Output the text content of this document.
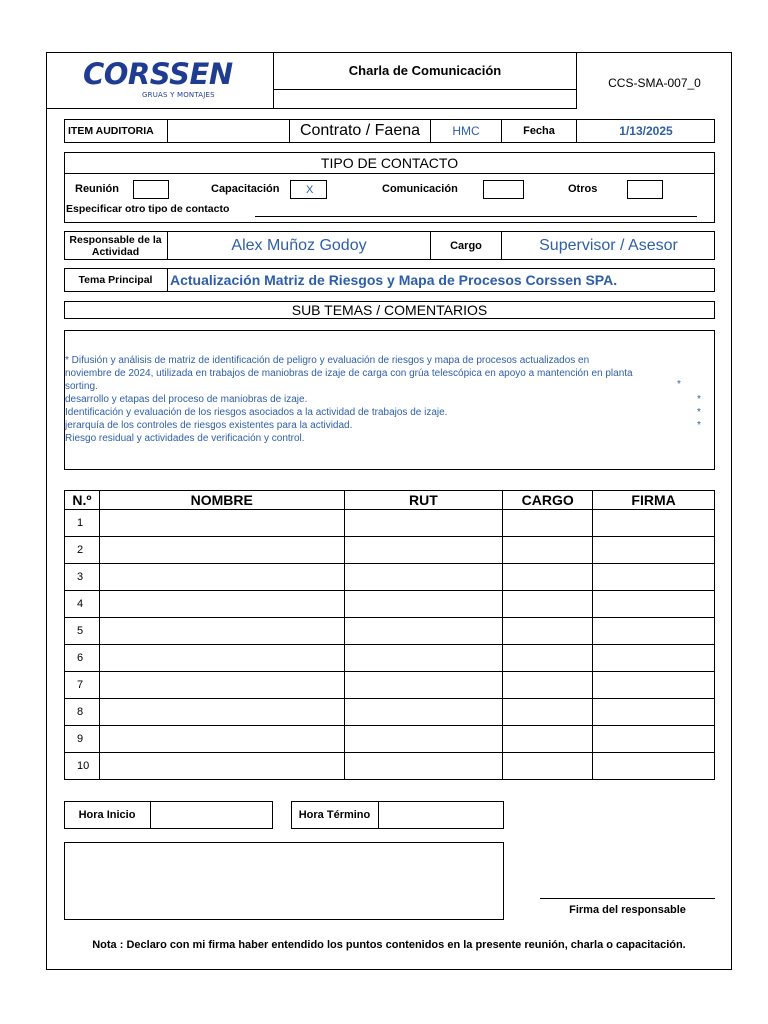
CORSSEN
GRUAS Y MONTAJES
Charla de Comunicación
CCS-SMA-007_0
ITEM AUDITORIA	Contrato / Faena	HMC	Fecha	1/13/2025
TIPO DE CONTACTO
Reunión	Capacitación	X	Comunicación	Otros
Especificar otro tipo de contacto
Responsable de la Actividad	Alex Muñoz Godoy	Cargo	Supervisor / Asesor
Tema Principal	Actualización Matriz de Riesgos y Mapa de Procesos Corssen SPA.
SUB TEMAS / COMENTARIOS
* Difusión y análisis de matriz de identificación de peligro y evaluación de riesgos y mapa de procesos actualizados en
noviembre de 2024, utilizada en trabajos de maniobras de izaje de carga con grúa telescópica en apoyo a mantención en planta
sorting.	*
desarrollo y etapas del proceso de maniobras de izaje.	*
Identificación y evaluación de los riesgos asociados a la actividad de trabajos de izaje.	*
jerarquía de los controles de riesgos existentes para la actividad.	*
Riesgo residual y actividades de verificación y control.
N.º	NOMBRE	RUT	CARGO	FIRMA
1				
2				
3				
4				
5				
6				
7				
8				
9				
10				
Hora Inicio	Hora Término
Firma del responsable
Nota : Declaro con mi firma haber entendido los puntos contenidos en la presente reunión, charla o capacitación.
